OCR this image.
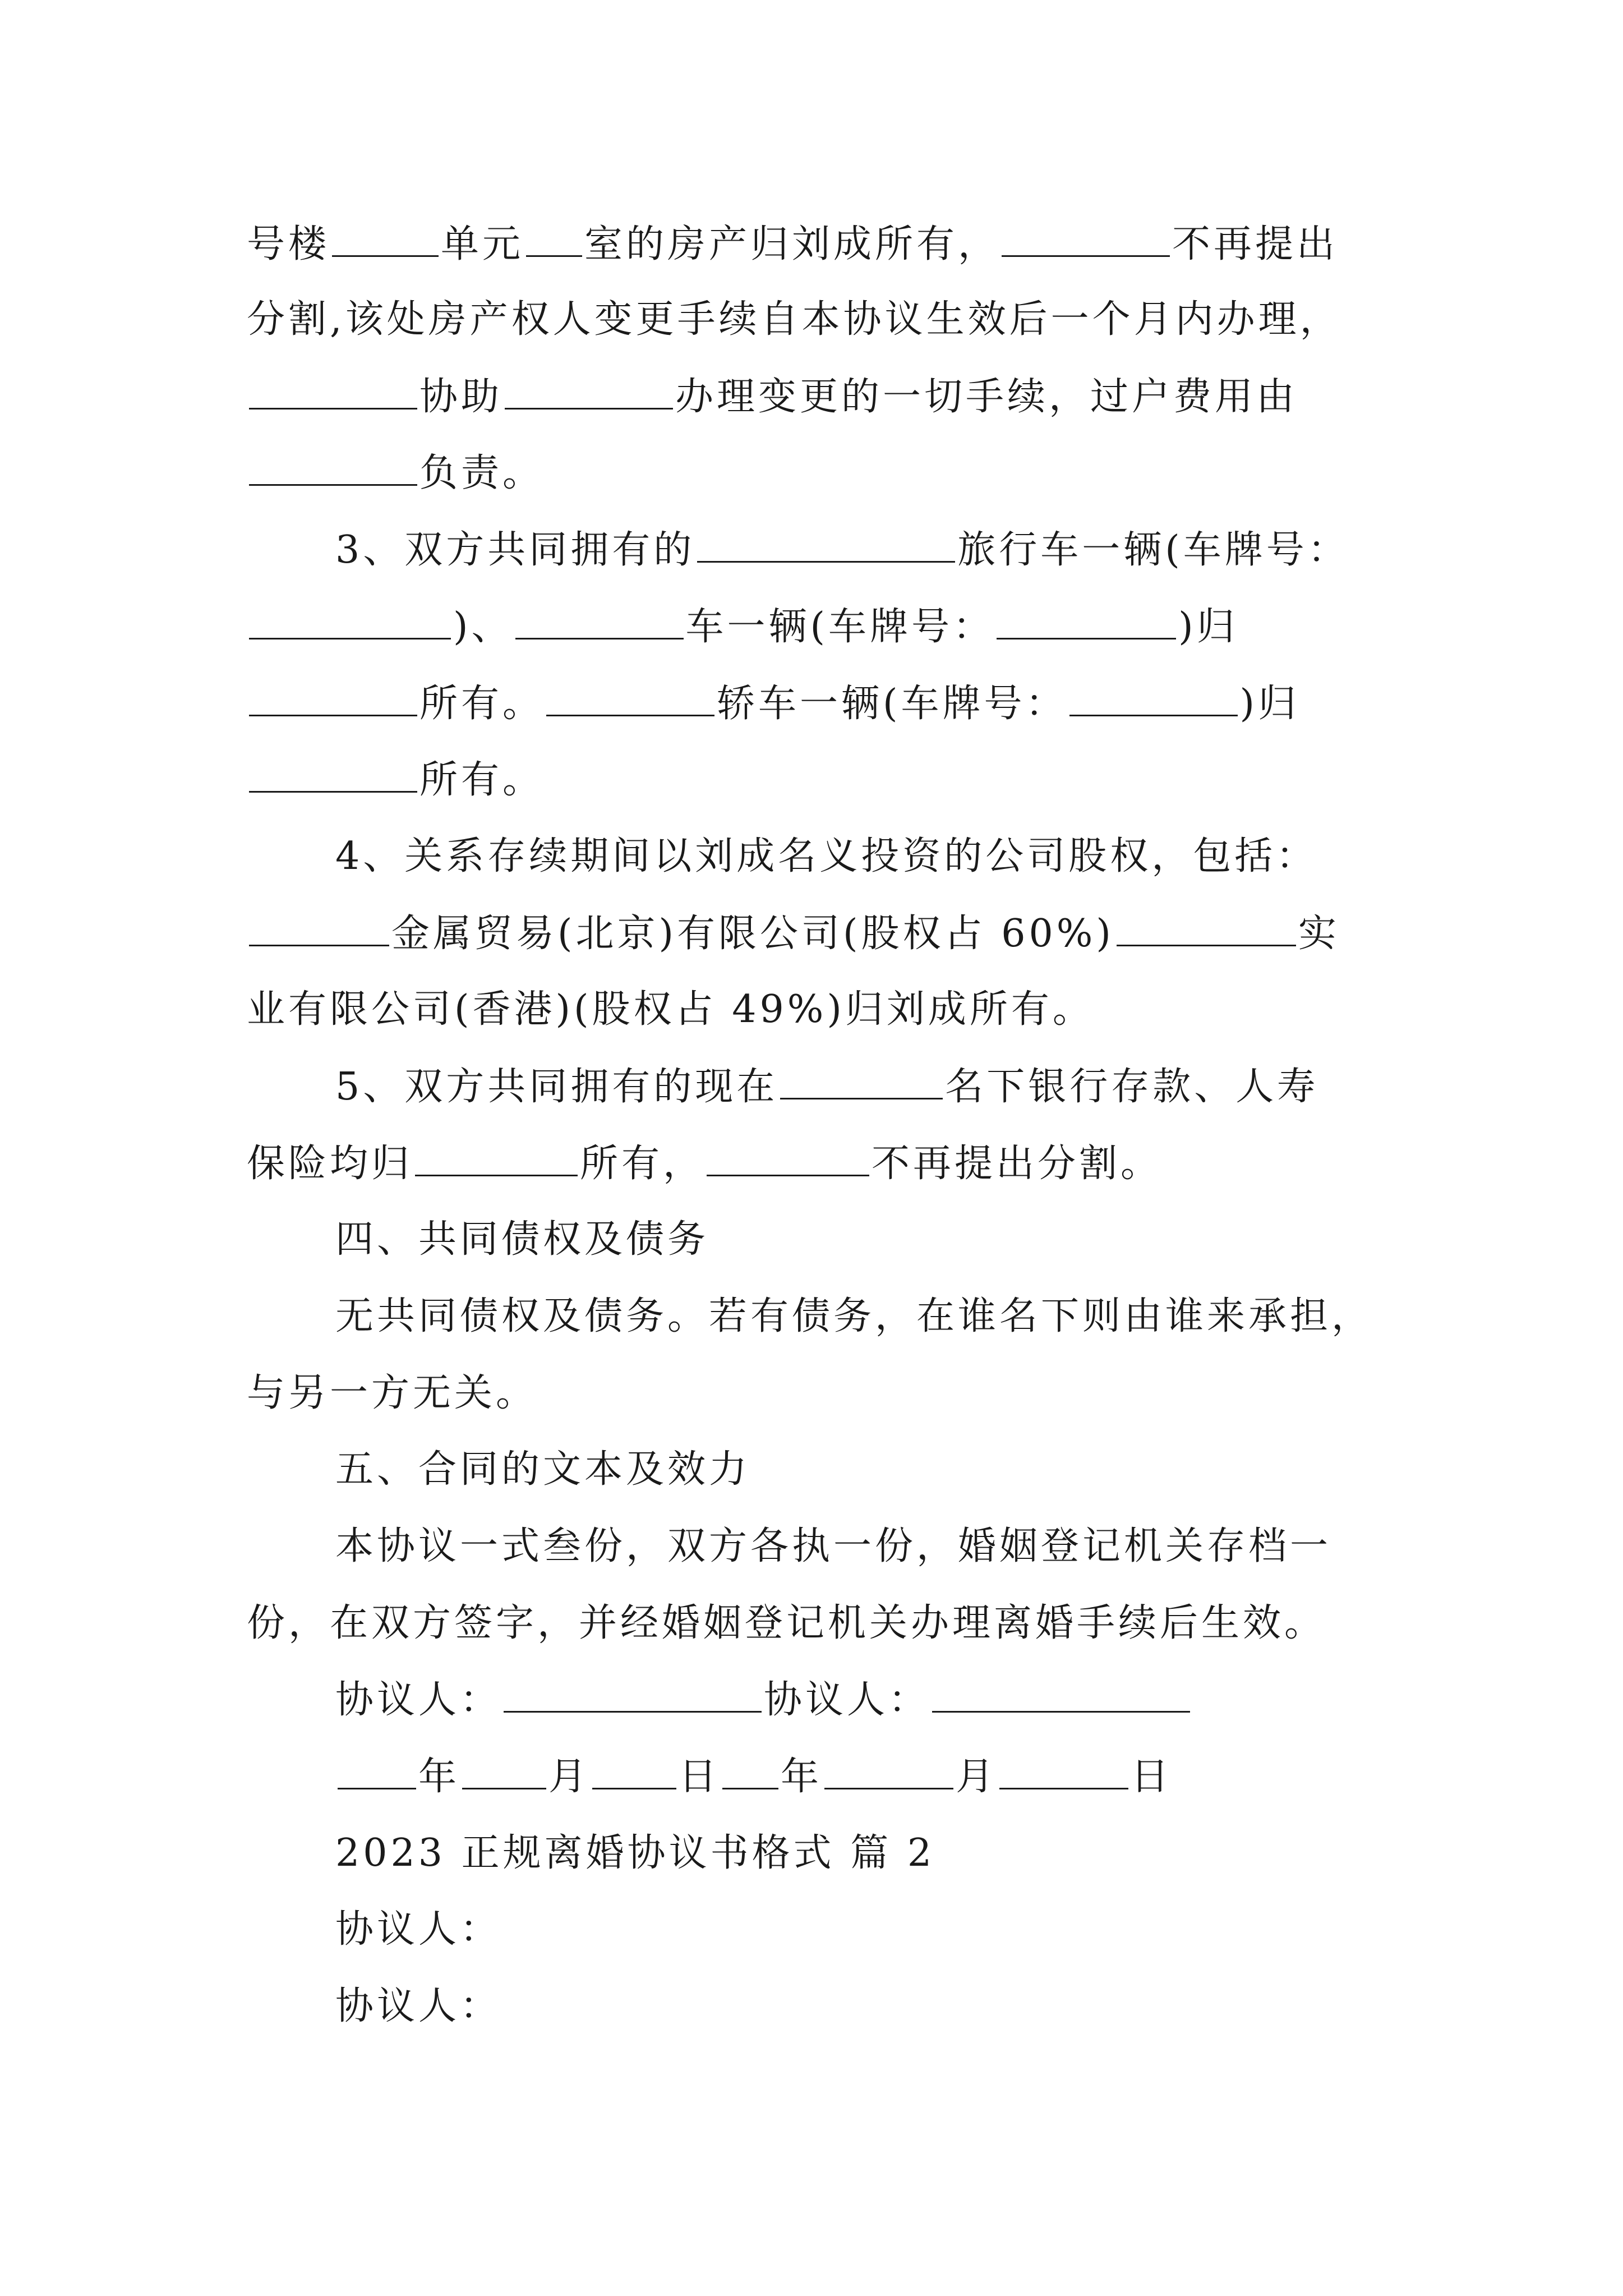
号楼	单元 室的房产归刘成所有，	不再提出
分割,该处房产权人变更手续自本协议生效后一个月内办理，
协助	办理变更的一切手续，过户费用由
负责。
3、双方共同拥有的	旅行车一辆(车牌号：
)、	车一辆(车牌号：	)归
所有。	轿车一辆(车牌号：	)归
所有。
4、关系存续期间以刘成名义投资的公司股权，包括：
金属贸易(北京)有限公司(股权占 60%)	实
业有限公司(香港)(股权占 49%)归刘成所有。
5、双方共同拥有的现在	名下银行存款、人寿
保险均归	所有，	不再提出分割。
四、共同债权及债务
无共同债权及债务。若有债务，在谁名下则由谁来承担，
与另一方无关。
五、合同的文本及效力
本协议一式叁份，双方各执一份，婚姻登记机关存档一
份，在双方签字，并经婚姻登记机关办理离婚手续后生效。
协议人：	协议人：
年 月 日 年	月	日
2023 正规离婚协议书格式 篇 2
协议人：
协议人：
